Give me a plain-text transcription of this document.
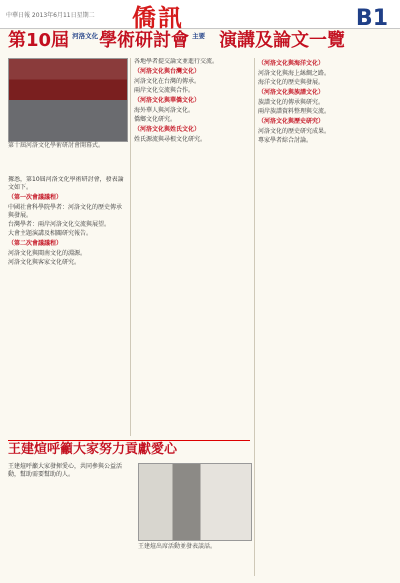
中華日報 2013年6月11日星期二 僑訊	B1
第10屆 河洛文化學術研討會 主要 演講及論文一覽
第十屆河洛文化學術研討會開幕式。
據悉，第10屆河洛文化學術研討會，發表論文如下。
（第一次會議議程）
中國社會科學院學者：河洛文化的歷史傳承與發展。
台灣學者：兩岸河洛文化交流與展望。
大會主題演講及相關研究報告。
（第二次會議議程）
河洛文化與閩南文化的淵源。
河洛文化與客家文化研究。
各地學者提交論文並進行交流。
（河洛文化與台灣文化）
河洛文化在台灣的傳承。
兩岸文化交流與合作。
（河洛文化與華僑文化）
海外華人與河洛文化。
僑鄉文化研究。
（河洛文化與姓氏文化）
姓氏源流與尋根文化研究。
（河洛文化與海洋文化）
河洛文化與海上絲綢之路。
海洋文化的歷史與發展。
（河洛文化與族譜文化）
族譜文化的傳承與研究。
兩岸族譜資料整理與交流。
（河洛文化與歷史研究）
河洛文化的歷史研究成果。
專家學者綜合討論。
王建煊呼籲大家努力貢獻愛心
王建煊呼籲大家發揮愛心，共同參與公益活動，幫助需要幫助的人。
王建煊出席活動並發表談話。
